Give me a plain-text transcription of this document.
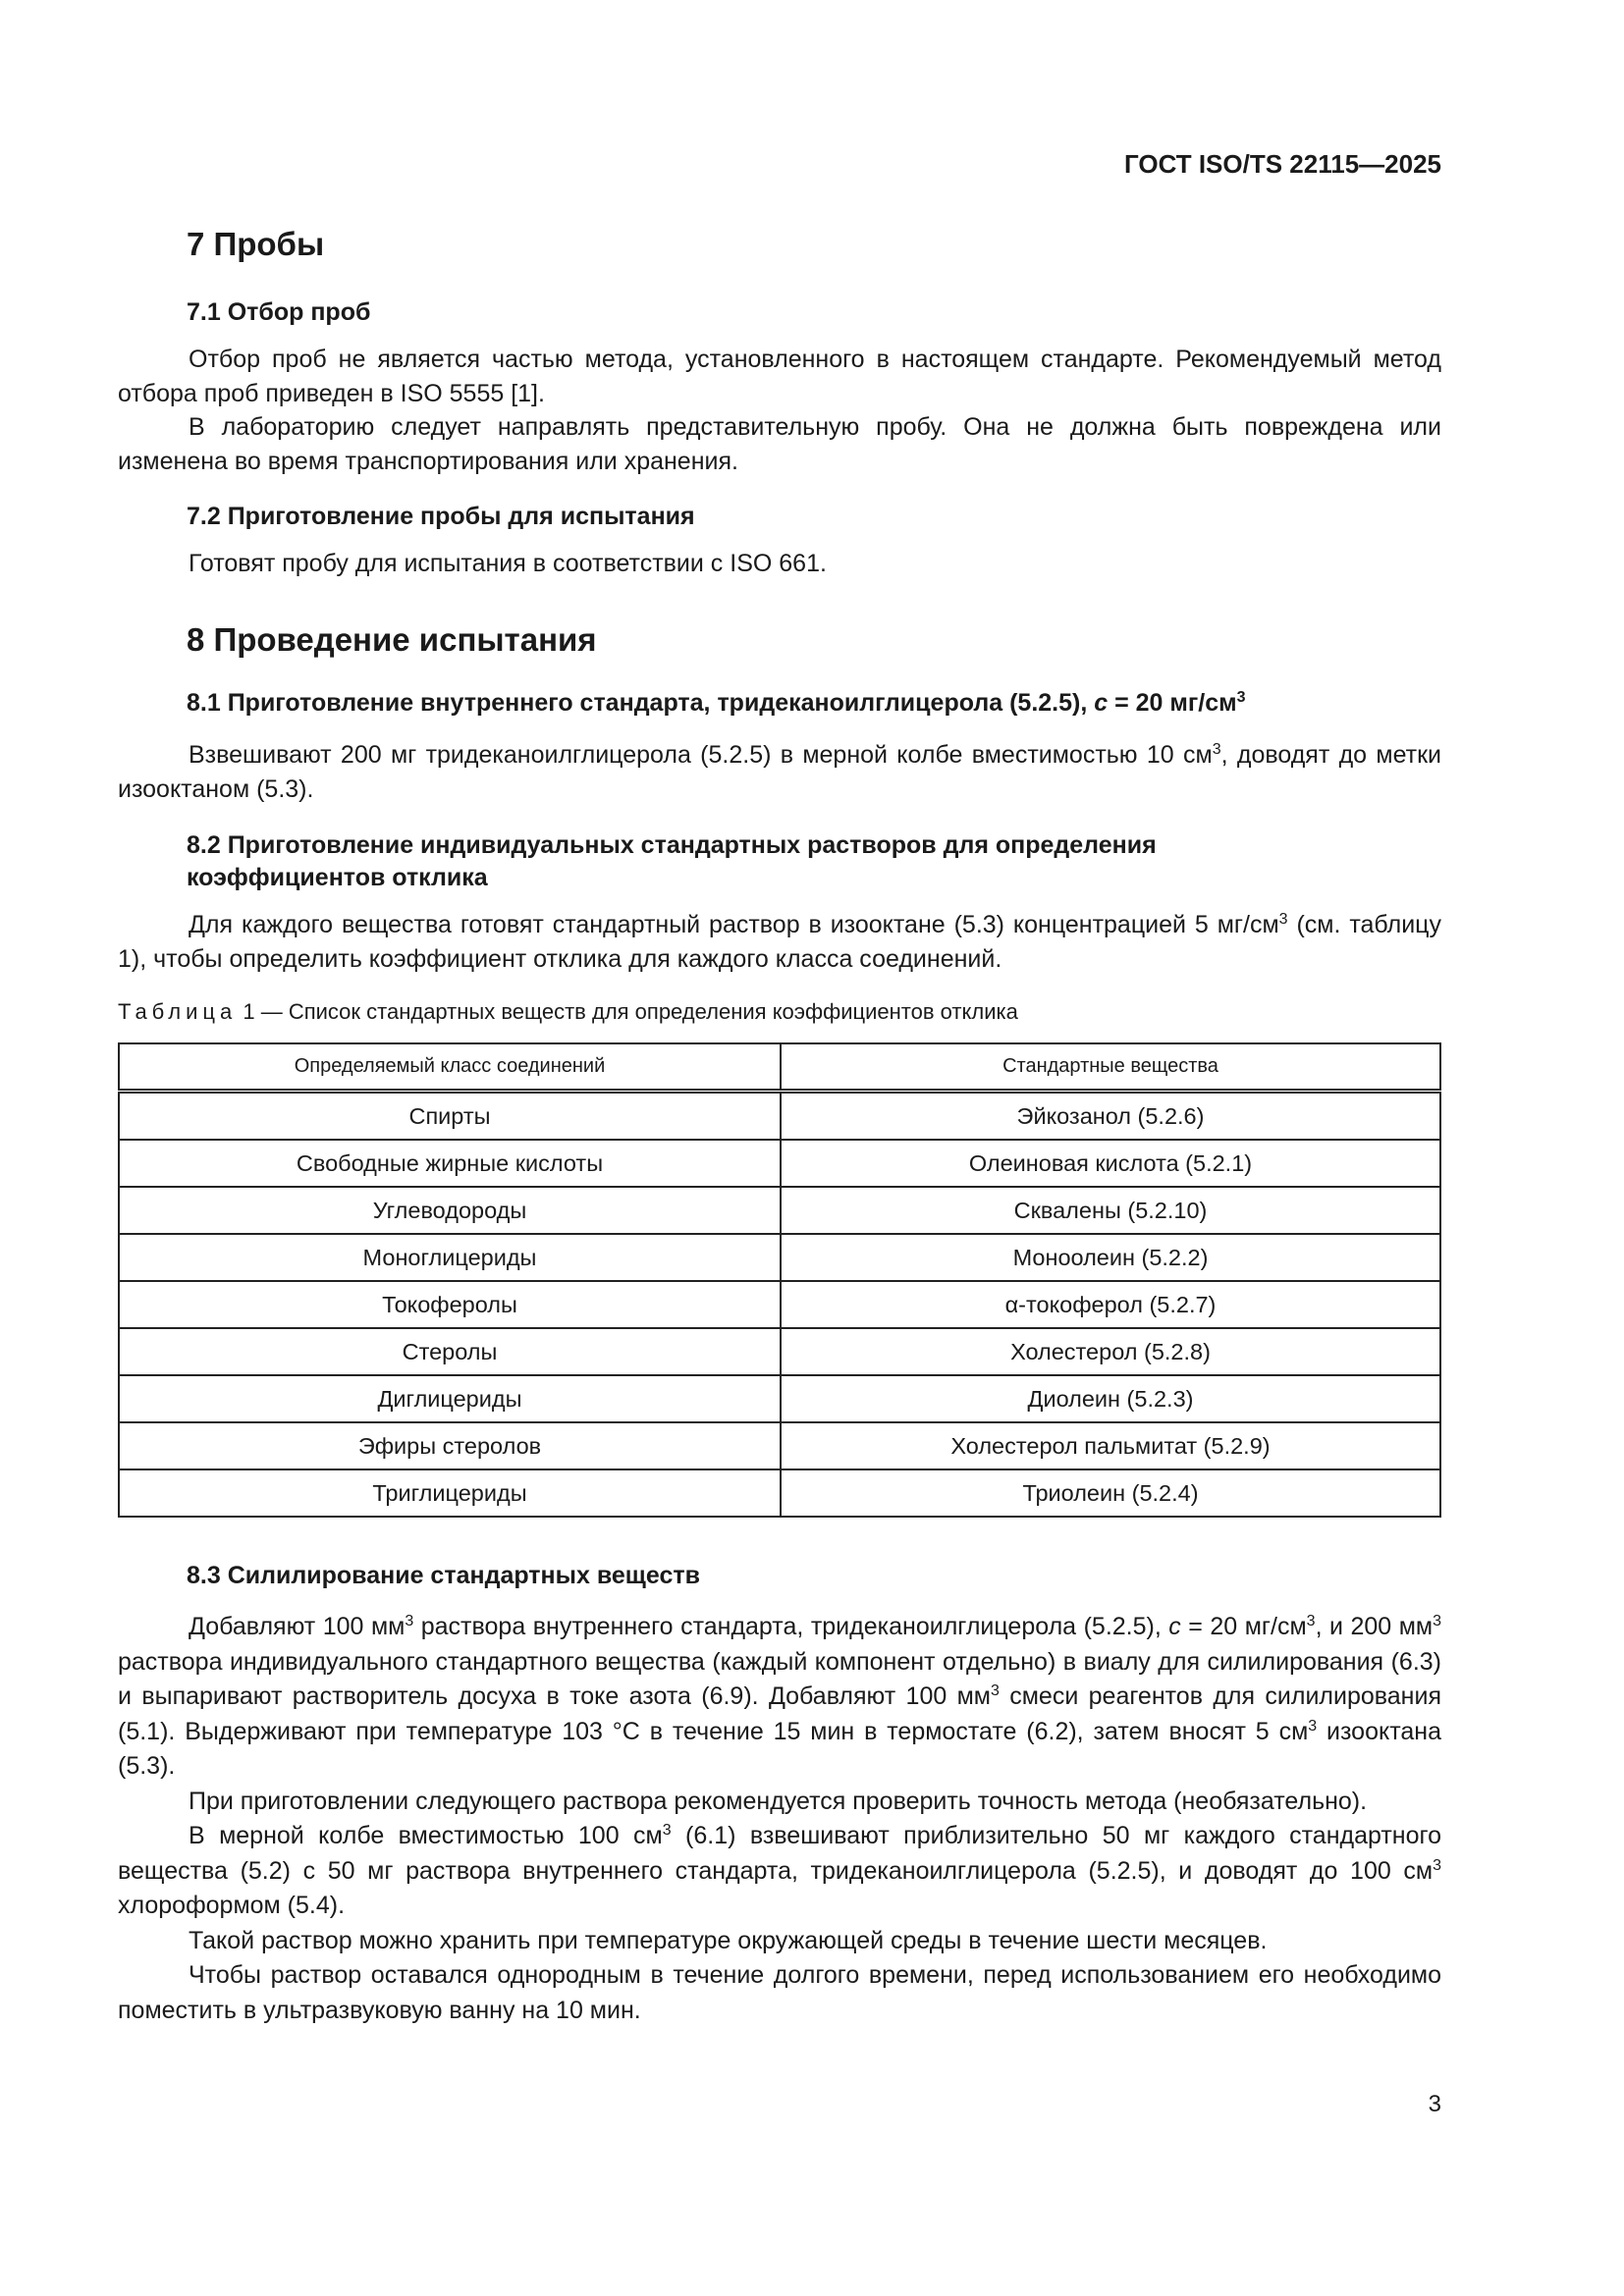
ГОСТ ISO/TS 22115—2025
7 Пробы
7.1 Отбор проб

Отбор проб не является частью метода, установленного в настоящем стандарте. Рекомендуемый метод отбора проб приведен в ISO 5555 [1].

В лабораторию следует направлять представительную пробу. Она не должна быть повреждена или изменена во время транспортирования или хранения.

7.2 Приготовление пробы для испытания

Готовят пробу для испытания в соответствии с ISO 661.

8 Проведение испытания
8.1 Приготовление внутреннего стандарта, тридеканоилглицерола (5.2.5), c = 20 $мг/см^3$

Взвешивают 200 мг тридеканоилглицерола (5.2.5) в мерной колбе вместимостью 10 $см^3$, доводят до метки изооктаном (5.3).

8.2 Приготовление индивидуальных стандартных растворов для определения коэффициентов отклика

Для каждого вещества готовят стандартный раствор в изооктане (5.3) концентрацией 5 $мг/см^3$ (см. таблицу 1), чтобы определить коэффициент отклика для каждого класса соединений.

Таблица 1 — Список стандартных веществ для определения коэффициентов отклика
Определяемый класс соединений	Стандартные вещества
Спирты	Эйкозанол (5.2.6)
Свободные жирные кислоты	Олеиновая кислота (5.2.1)
Углеводороды	Сквалены (5.2.10)
Моноглицериды	Моноолеин (5.2.2)
Токоферолы	α-токоферол (5.2.7)
Стеролы	Холестерол (5.2.8)
Диглицериды	Диолеин (5.2.3)
Эфиры стеролов	Холестерол пальмитат (5.2.9)
Триглицериды	Триолеин (5.2.4)
8.3 Силилирование стандартных веществ

Добавляют 100 $мм^3$ раствора внутреннего стандарта, тридеканоилглицерола (5.2.5), c = 20 $мг/см^3$, и 200 $мм^3$ раствора индивидуального стандартного вещества (каждый компонент отдельно) в виалу для силилирования (6.3) и выпаривают растворитель досуха в токе азота (6.9). Добавляют 100 $мм^3$ смеси реагентов для силилирования (5.1). Выдерживают при температуре 103 °С в течение 15 мин в термостате (6.2), затем вносят 5 $см^3$ изооктана (5.3).

При приготовлении следующего раствора рекомендуется проверить точность метода (необязательно).

В мерной колбе вместимостью 100 $см^3$ (6.1) взвешивают приблизительно 50 мг каждого стандартного вещества (5.2) с 50 мг раствора внутреннего стандарта, тридеканоилглицерола (5.2.5), и доводят до 100 $см^3$ хлороформом (5.4).

Такой раствор можно хранить при температуре окружающей среды в течение шести месяцев.

Чтобы раствор оставался однородным в течение долгого времени, перед использованием его необходимо поместить в ультразвуковую ванну на 10 мин.

3
